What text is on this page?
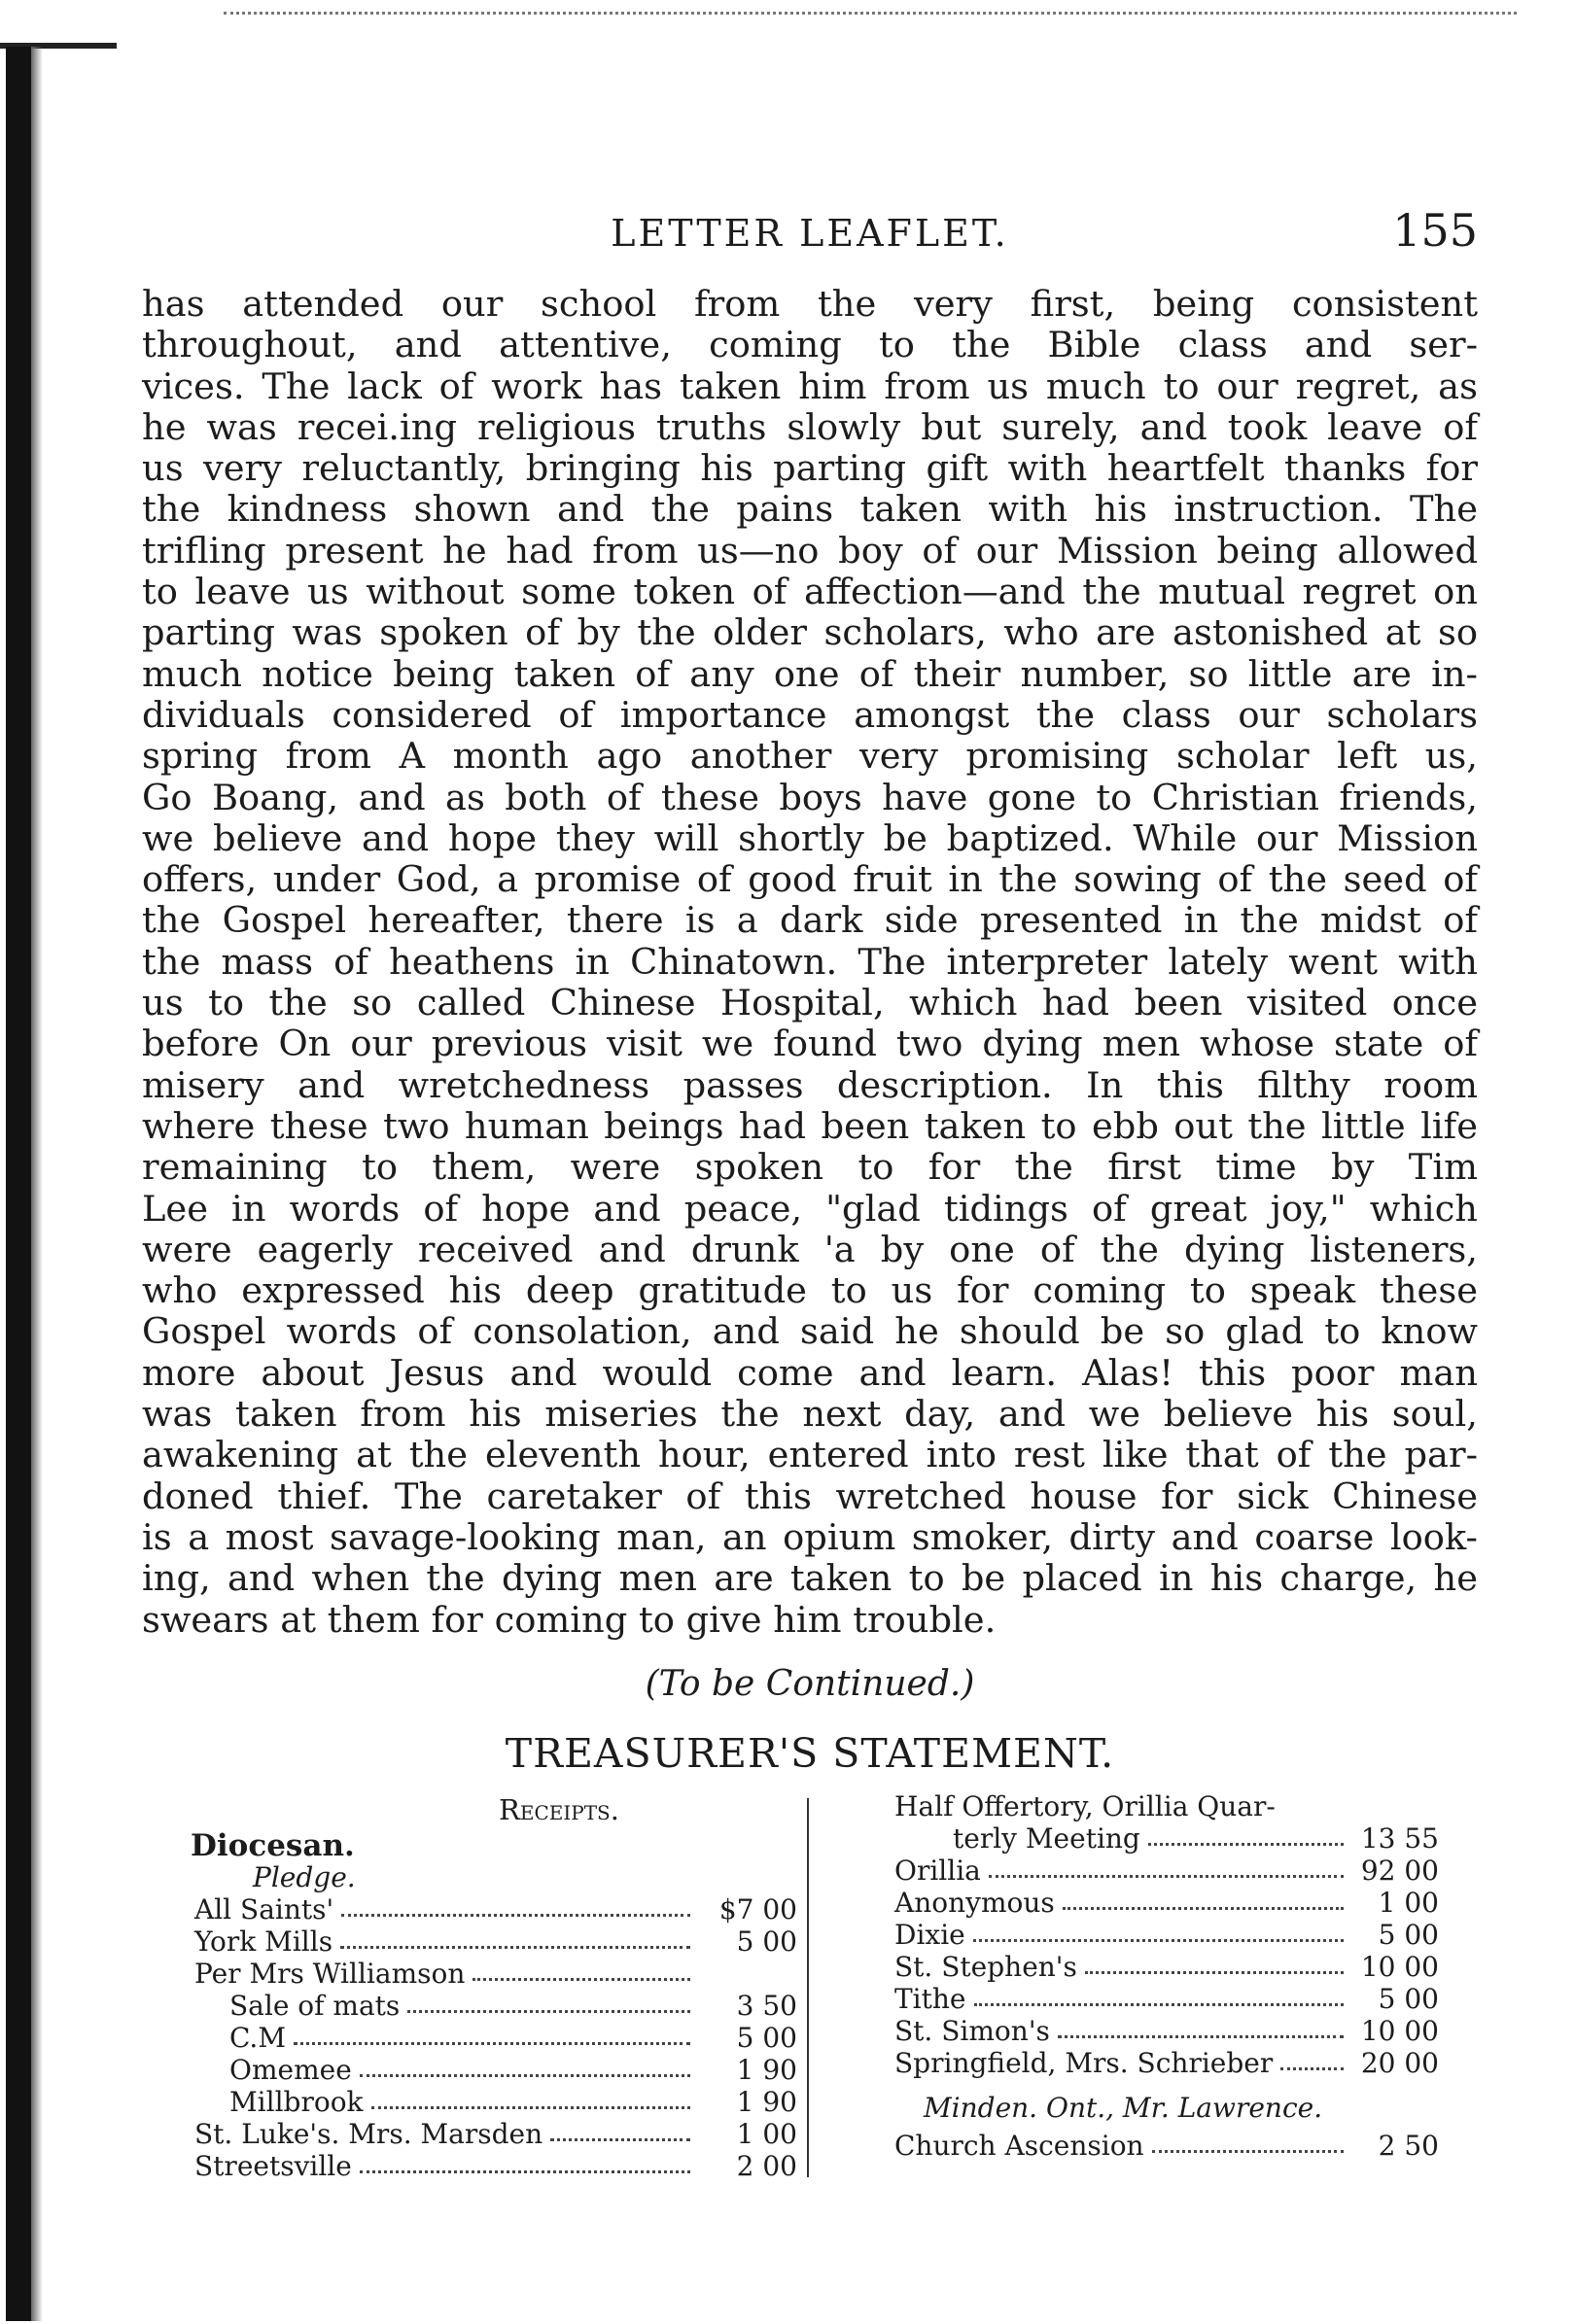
LETTER LEAFLET.	155
has attended our school from the very first, being consistent
throughout, and attentive, coming to the Bible class and ser-
vices. The lack of work has taken him from us much to our regret, as
he was recei.ing religious truths slowly but surely, and took leave of
us very reluctantly, bringing his parting gift with heartfelt thanks for
the kindness shown and the pains taken with his instruction. The
trifling present he had from us—no boy of our Mission being allowed
to leave us without some token of affection—and the mutual regret on
parting was spoken of by the older scholars, who are astonished at so
much notice being taken of any one of their number, so little are in-
dividuals considered of importance amongst the class our scholars
spring from A month ago another very promising scholar left us,
Go Boang, and as both of these boys have gone to Christian friends,
we believe and hope they will shortly be baptized. While our Mission
offers, under God, a promise of good fruit in the sowing of the seed of
the Gospel hereafter, there is a dark side presented in the midst of
the mass of heathens in Chinatown. The interpreter lately went with
us to the so called Chinese Hospital, which had been visited once
before On our previous visit we found two dying men whose state of
misery and wretchedness passes description. In this filthy room
where these two human beings had been taken to ebb out the little life
remaining to them, were spoken to for the first time by Tim
Lee in words of hope and peace, "glad tidings of great joy," which
were eagerly received and drunk 'a by one of the dying listeners,
who expressed his deep gratitude to us for coming to speak these
Gospel words of consolation, and said he should be so glad to know
more about Jesus and would come and learn. Alas! this poor man
was taken from his miseries the next day, and we believe his soul,
awakening at the eleventh hour, entered into rest like that of the par-
doned thief. The caretaker of this wretched house for sick Chinese
is a most savage-looking man, an opium smoker, dirty and coarse look-
ing, and when the dying men are taken to be placed in his charge, he
swears at them for coming to give him trouble.
(To be Continued.)
TREASURER'S STATEMENT.
Receipts.
Diocesan.
Pledge.
All Saints'	$7 00
York Mills	5 00
Per Mrs Williamson
Sale of mats	3 50
C.M	5 00
Omemee	1 90
Millbrook	1 90
St. Luke's. Mrs. Marsden	1 00
Streetsville	2 00
Half Offertory, Orillia Quar-
terly Meeting	13 55
Orillia	92 00
Anonymous	1 00
Dixie	5 00
St. Stephen's	10 00
Tithe	5 00
St. Simon's	10 00
Springfield, Mrs. Schrieber	20 00
Minden. Ont., Mr. Lawrence.
Church Ascension	2 50
